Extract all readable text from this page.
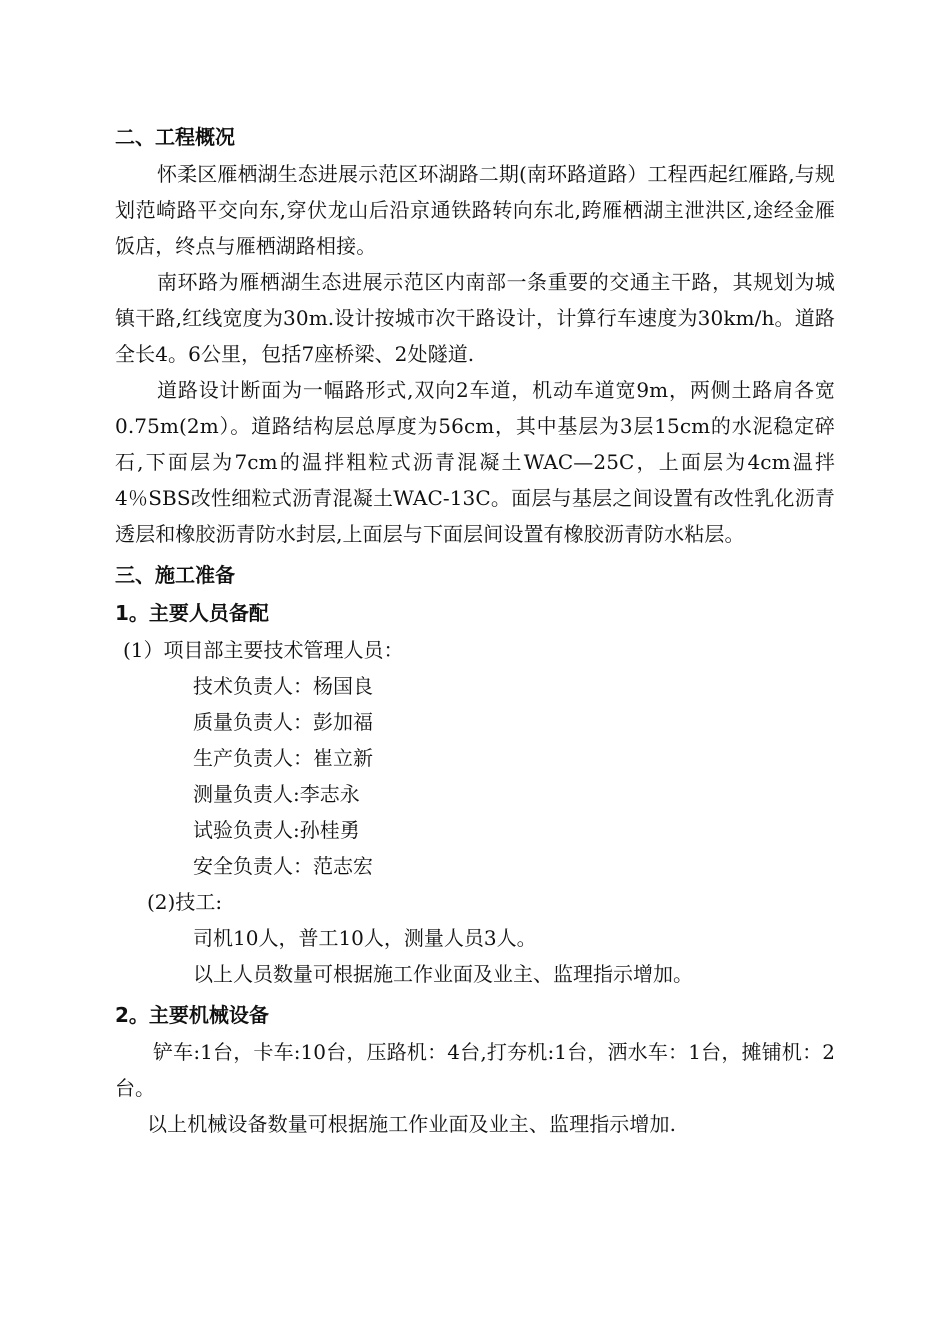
二、工程概况

怀柔区雁栖湖生态进展示范区环湖路二期(南环路道路）工程西起红雁路,与规划范崎路平交向东,穿伏龙山后沿京通铁路转向东北,跨雁栖湖主泄洪区,途经金雁饭店，终点与雁栖湖路相接。

南环路为雁栖湖生态进展示范区内南部一条重要的交通主干路，其规划为城镇干路,红线宽度为30m.设计按城市次干路设计，计算行车速度为30km/h。道路全长4。6公里，包括7座桥梁、2处隧道.

道路设计断面为一幅路形式,双向2车道，机动车道宽9m，两侧土路肩各宽0.75m(2m）。道路结构层总厚度为56cm，其中基层为3层15cm的水泥稳定碎石,下面层为7cm的温拌粗粒式沥青混凝土WAC—25C，上面层为4cm温拌4％SBS改性细粒式沥青混凝土WAC-13C。面层与基层之间设置有改性乳化沥青透层和橡胶沥青防水封层,上面层与下面层间设置有橡胶沥青防水粘层。

三、施工准备

1。主要人员备配

(1）项目部主要技术管理人员：

技术负责人：杨国良

质量负责人：彭加福

生产负责人：崔立新

测量负责人:李志永

试验负责人:孙桂勇

安全负责人：范志宏

(2)技工:

司机10人，普工10人，测量人员3人。

以上人员数量可根据施工作业面及业主、监理指示增加。

2。主要机械设备

铲车:1台，卡车:10台，压路机：4台,打夯机:1台，洒水车：1台，摊铺机：2台。

以上机械设备数量可根据施工作业面及业主、监理指示增加.
